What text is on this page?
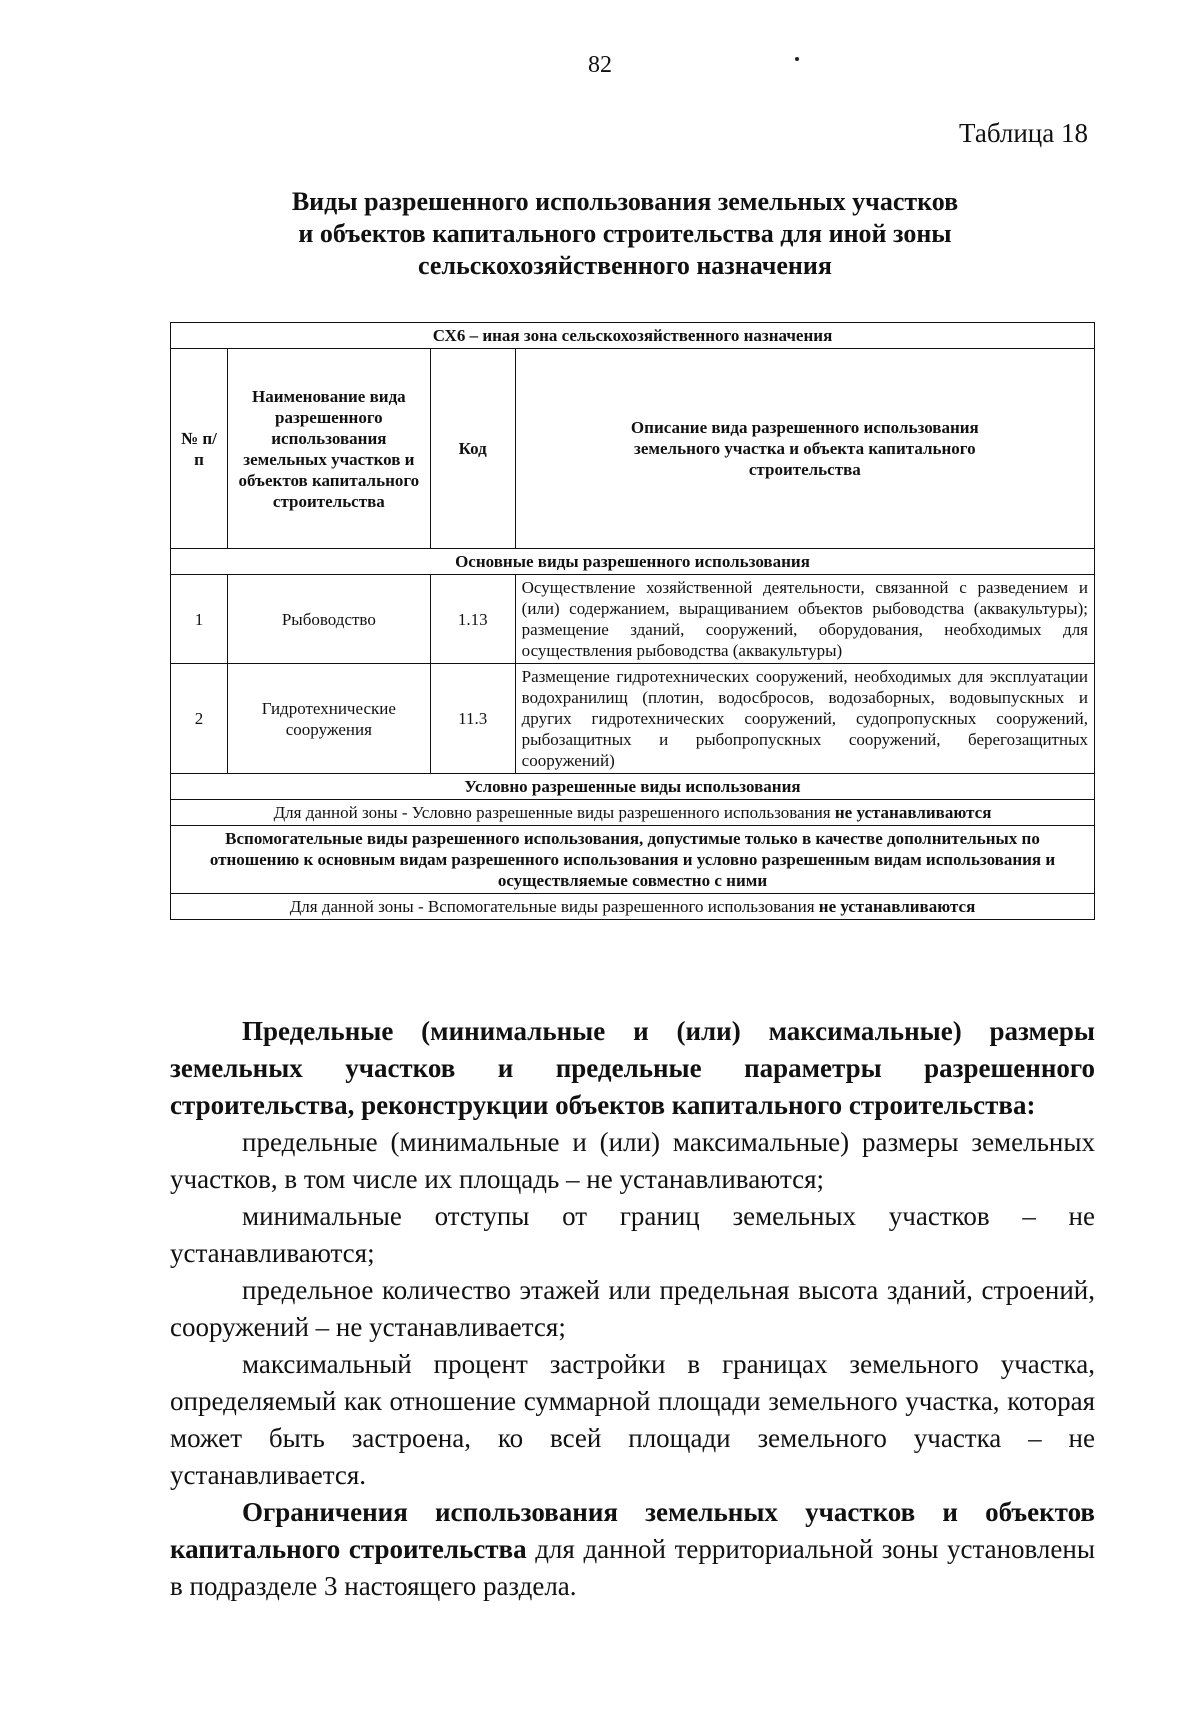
82
Таблица 18
Виды разрешенного использования земельных участков
и объектов капитального строительства для иной зоны
сельскохозяйственного назначения
СХ6 – иная зона сельскохозяйственного назначения			
№ п/п	Наименование вида разрешенного использования земельных участков и объектов капитального строительства	Код	Описание вида разрешенного использования земельного участка и объекта капитального строительства
Основные виды разрешенного использования			
1	Рыбоводство	1.13	Осуществление хозяйственной деятельности, связанной с разведением и (или) содержанием, выращиванием объектов рыбоводства (аквакультуры); размещение зданий, сооружений, оборудования, необходимых для осуществления рыбоводства (аквакультуры)
2	Гидротехнические сооружения	11.3	Размещение гидротехнических сооружений, необходимых для эксплуатации водохранилищ (плотин, водосбросов, водозаборных, водовыпускных и других гидротехнических сооружений, судопропускных сооружений, рыбозащитных и рыбопропускных сооружений, берегозащитных сооружений)
Условно разрешенные виды использования			
Для данной зоны - Условно разрешенные виды разрешенного использования не устанавливаются			
Вспомогательные виды разрешенного использования, допустимые только в качестве дополнительных по отношению к основным видам разрешенного использования и условно разрешенным видам использования и осуществляемые совместно с ними			
Для данной зоны - Вспомогательные виды разрешенного использования не устанавливаются			

Предельные (минимальные и (или) максимальные) размеры земельных участков и предельные параметры разрешенного строительства, реконструкции объектов капитального строительства:

предельные (минимальные и (или) максимальные) размеры земельных участков, в том числе их площадь – не устанавливаются;

минимальные отступы от границ земельных участков – не устанавливаются;

предельное количество этажей или предельная высота зданий, строений, сооружений – не устанавливается;

максимальный процент застройки в границах земельного участка, определяемый как отношение суммарной площади земельного участка, которая может быть застроена, ко всей площади земельного участка – не устанавливается.

Ограничения использования земельных участков и объектов капитального строительства для данной территориальной зоны установлены в подразделе 3 настоящего раздела.
